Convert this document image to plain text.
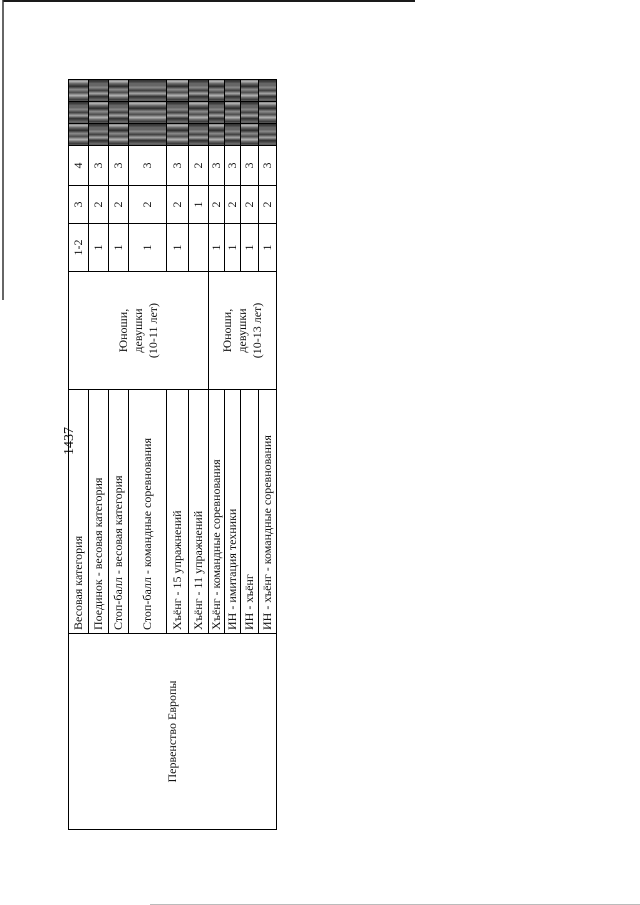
1437
Первенство Европы	Весовая категория	Юноши, девушки (10-11 лет)	1-2	3	4			
	Поединок - весовая категория		1	2	3			
	Стоп-балл - весовая категория		1	2	3			
	Стоп-балл - командные соревнования		1	2	3			
	Хъёнг - 15 упражнений		1	2	3			
	Хъёнг - 11 упражнений			1	2			
	Хъёнг - командные соревнования	Юноши, девушки (10-13 лет)	1	2	3			
	ИН - имитация техники		1	2	3			
	ИН - хъёнг		1	2	3			
	ИН - хъёнг - командные соревнования		1	2	3			
